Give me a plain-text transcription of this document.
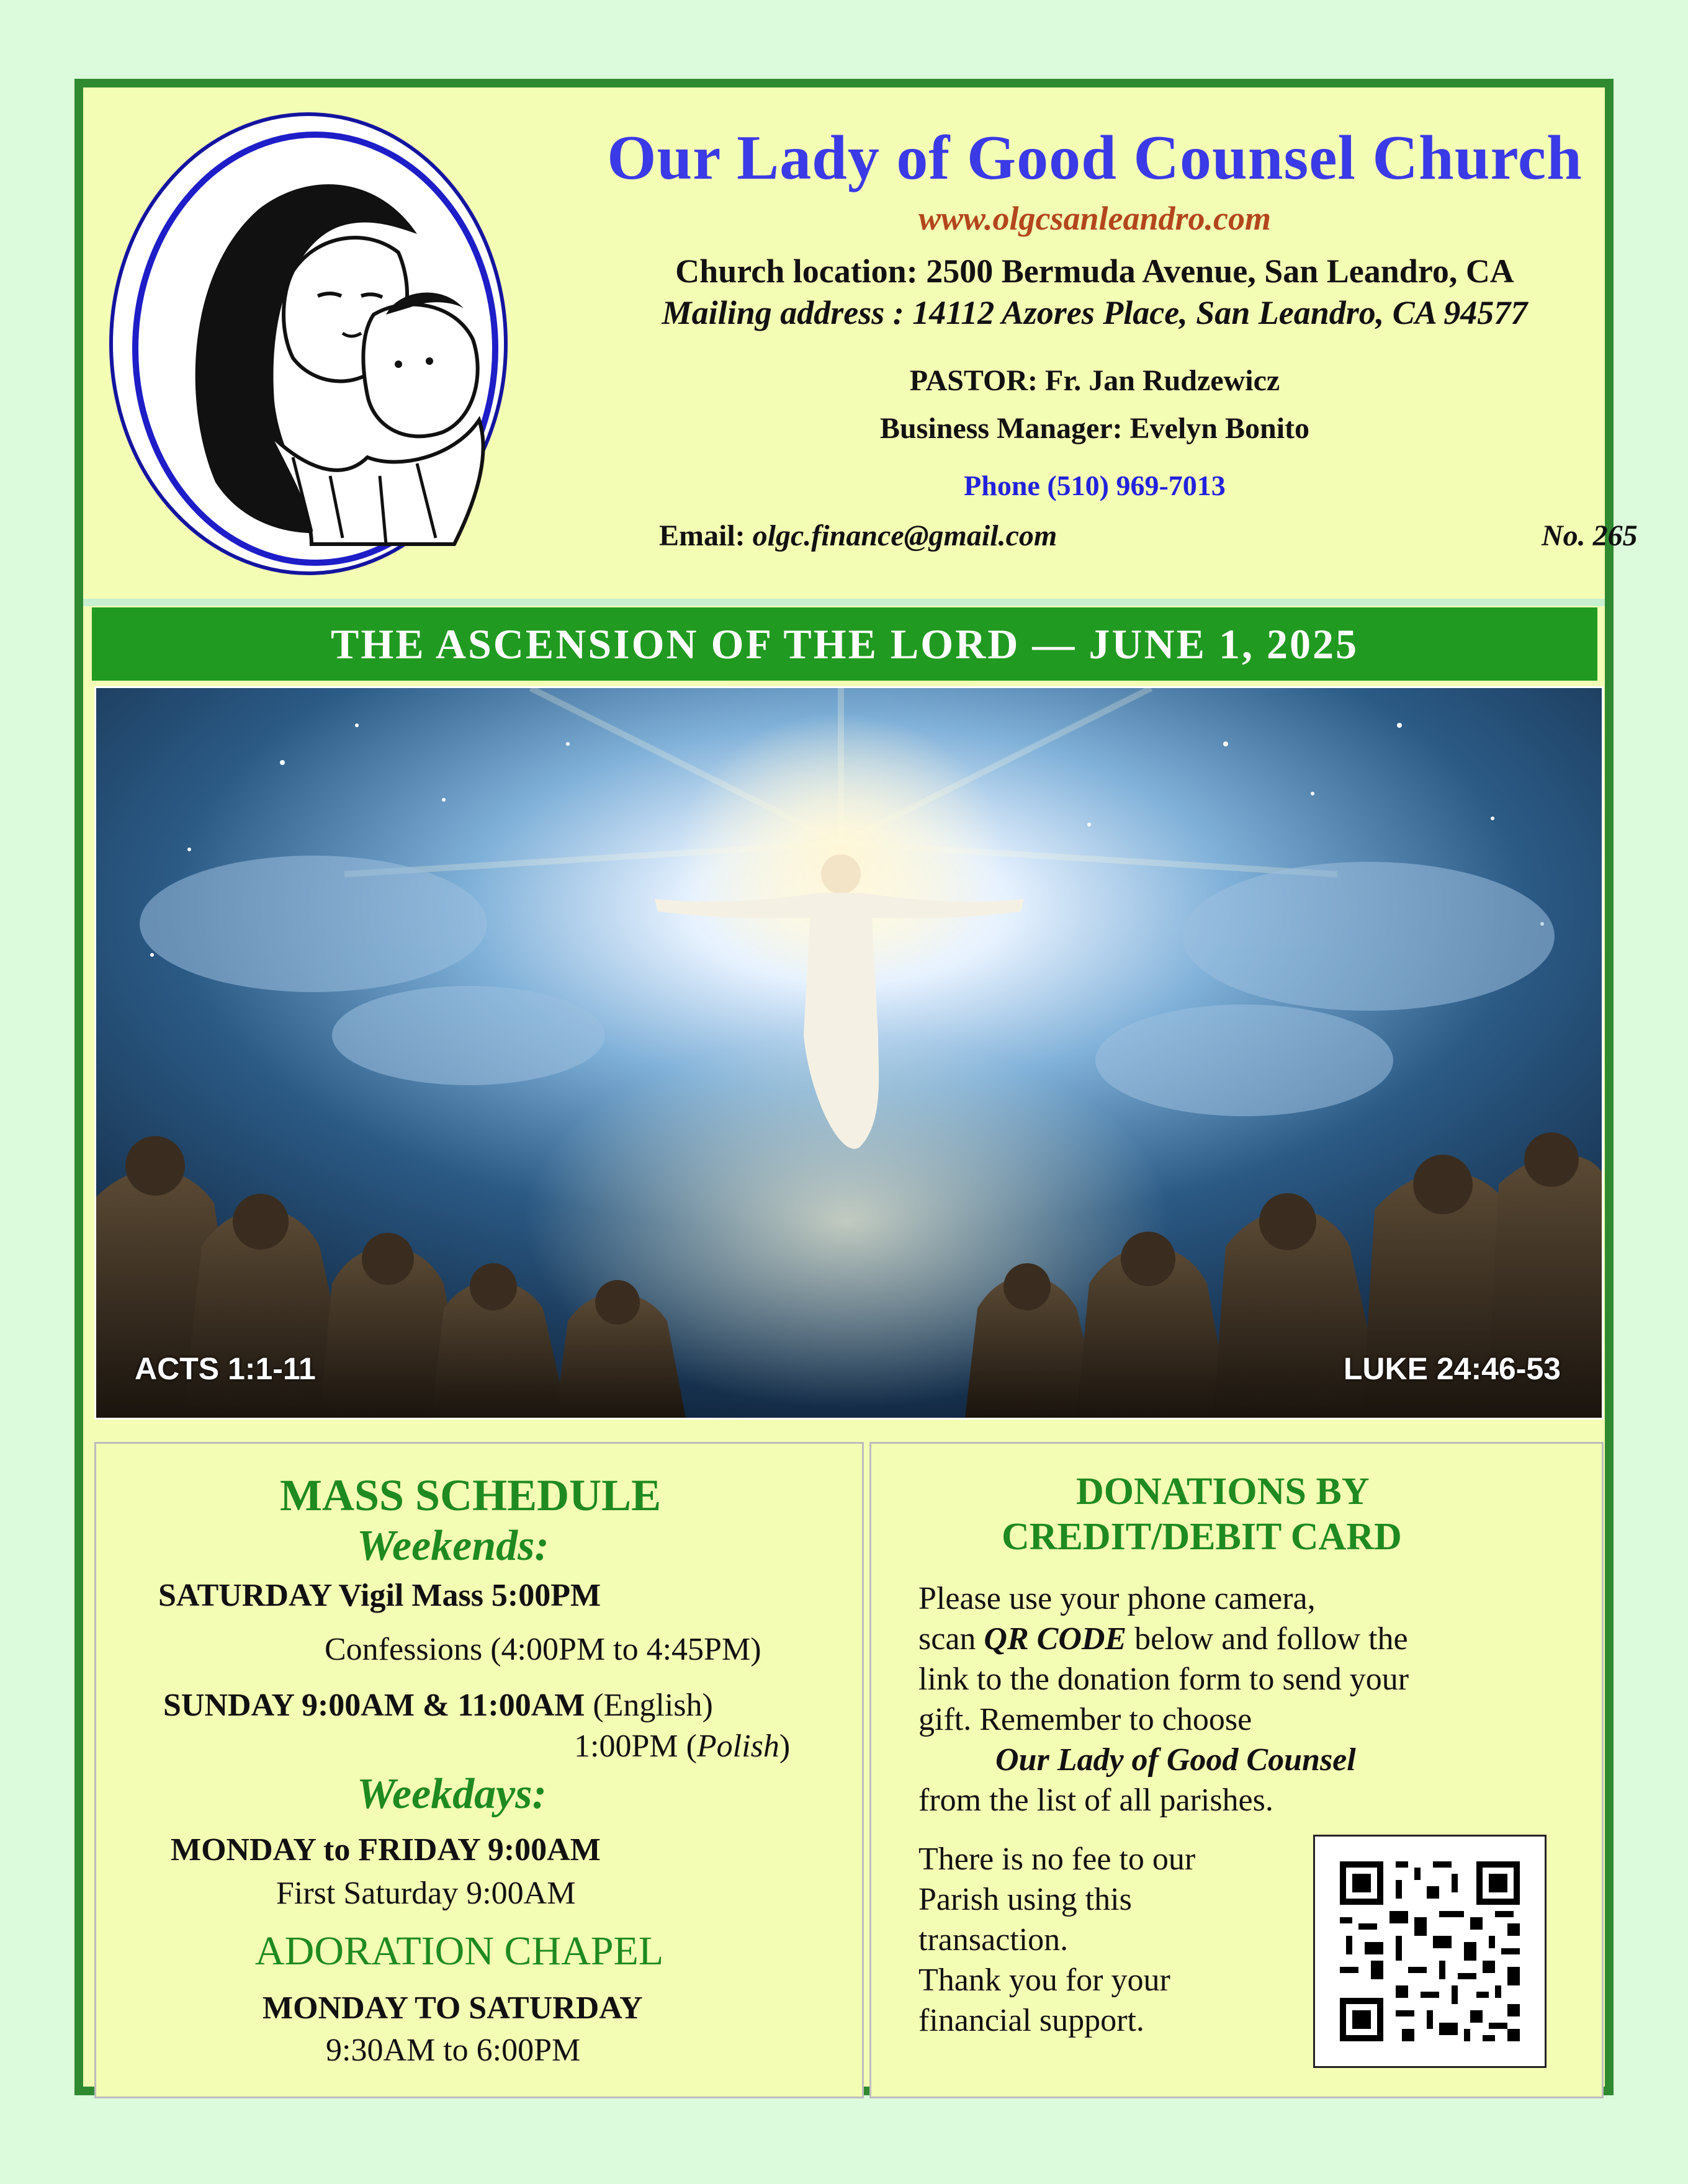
Our Lady of Good Counsel Church
www.olgcsanleandro.com
Church location: 2500 Bermuda Avenue, San Leandro, CA
Mailing address : 14112 Azores Place, San Leandro, CA 94577
PASTOR: Fr. Jan Rudzewicz
Business Manager: Evelyn Bonito
Phone (510) 969-7013
Email: olgc.finance@gmail.com	No. 265
THE ASCENSION OF THE LORD — JUNE 1, 2025
ACTS 1:1-11	LUKE 24:46-53
MASS SCHEDULE
Weekends:
SATURDAY Vigil Mass 5:00PM
Confessions (4:00PM to 4:45PM)
SUNDAY 9:00AM & 11:00AM (English)
1:00PM (Polish)
Weekdays:
MONDAY to FRIDAY 9:00AM
First Saturday 9:00AM
ADORATION CHAPEL
MONDAY TO SATURDAY
9:30AM to 6:00PM
DONATIONS BY
CREDIT/DEBIT CARD
Please use your phone camera,
scan QR CODE below and follow the
link to the donation form to send your
gift. Remember to choose
Our Lady of Good Counsel
from the list of all parishes.
There is no fee to our
Parish using this
transaction.
Thank you for your
financial support.
